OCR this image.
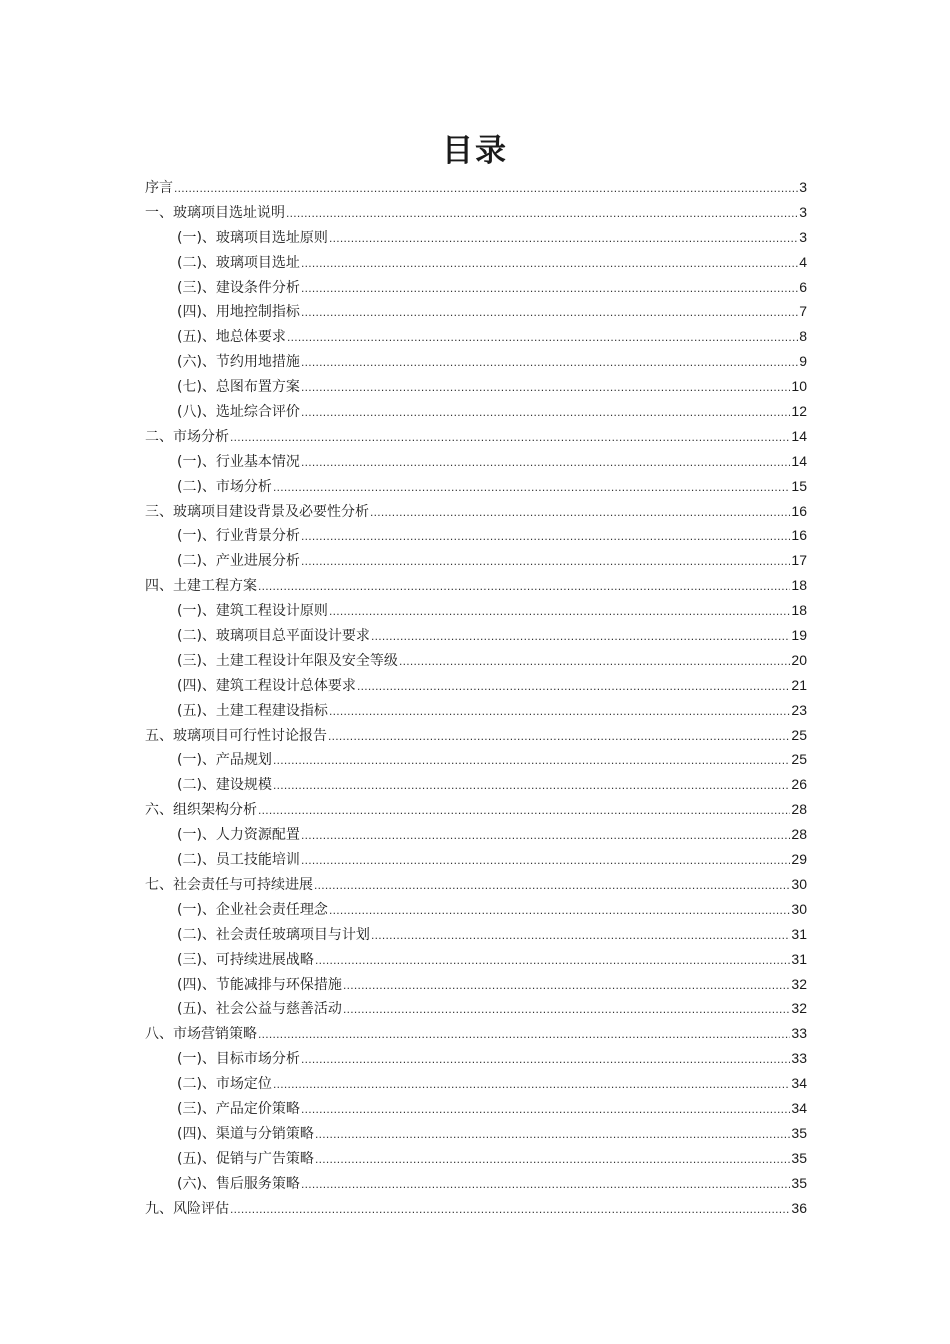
目录
序言 .....	3
一、玻璃项目选址说明 .....	3
(一)、玻璃项目选址原则 .....	3
(二)、玻璃项目选址 .....	4
(三)、建设条件分析 .....	6
(四)、用地控制指标 .....	7
(五)、地总体要求 .....	8
(六)、节约用地措施 .....	9
(七)、总图布置方案 .....	10
(八)、选址综合评价 .....	12
二、市场分析 .....	14
(一)、行业基本情况 .....	14
(二)、市场分析 .....	15
三、玻璃项目建设背景及必要性分析 .....	16
(一)、行业背景分析 .....	16
(二)、产业进展分析 .....	17
四、土建工程方案 .....	18
(一)、建筑工程设计原则 .....	18
(二)、玻璃项目总平面设计要求 .....	19
(三)、土建工程设计年限及安全等级 .....	20
(四)、建筑工程设计总体要求 .....	21
(五)、土建工程建设指标 .....	23
五、玻璃项目可行性讨论报告 .....	25
(一)、产品规划 .....	25
(二)、建设规模 .....	26
六、组织架构分析 .....	28
(一)、人力资源配置 .....	28
(二)、员工技能培训 .....	29
七、社会责任与可持续进展 .....	30
(一)、企业社会责任理念 .....	30
(二)、社会责任玻璃项目与计划 .....	31
(三)、可持续进展战略 .....	31
(四)、节能减排与环保措施 .....	32
(五)、社会公益与慈善活动 .....	32
八、市场营销策略 .....	33
(一)、目标市场分析 .....	33
(二)、市场定位 .....	34
(三)、产品定价策略 .....	34
(四)、渠道与分销策略 .....	35
(五)、促销与广告策略 .....	35
(六)、售后服务策略 .....	35
九、风险评估 .....	36
